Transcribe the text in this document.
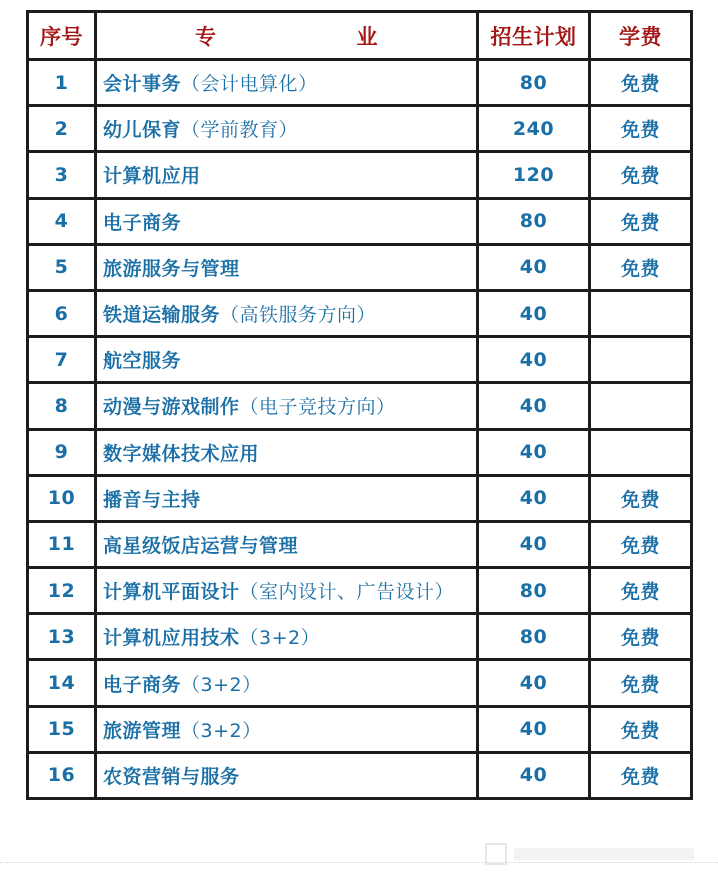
序号	专 业	招生计划	学费
1	会计事务（会计电算化）	80	免费
2	幼儿保育（学前教育）	240	免费
3	计算机应用	120	免费
4	电子商务	80	免费
5	旅游服务与管理	40	免费
6	铁道运输服务（高铁服务方向）	40	
7	航空服务	40	
8	动漫与游戏制作（电子竞技方向）	40	
9	数字媒体技术应用	40	
10	播音与主持	40	免费
11	高星级饭店运营与管理	40	免费
12	计算机平面设计（室内设计、广告设计）	80	免费
13	计算机应用技术（3+2）	80	免费
14	电子商务（3+2）	40	免费
15	旅游管理（3+2）	40	免费
16	农资营销与服务	40	免费
